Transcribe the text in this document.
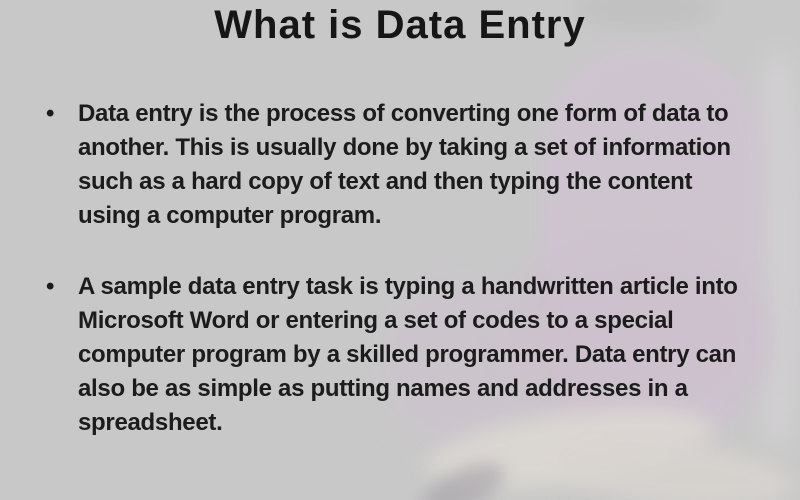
What is Data Entry
• Data entry is the process of converting one form of data to
another. This is usually done by taking a set of information
such as a hard copy of text and then typing the content
using a computer program.
• A sample data entry task is typing a handwritten article into
Microsoft Word or entering a set of codes to a special
computer program by a skilled programmer. Data entry can
also be as simple as putting names and addresses in a
spreadsheet.
